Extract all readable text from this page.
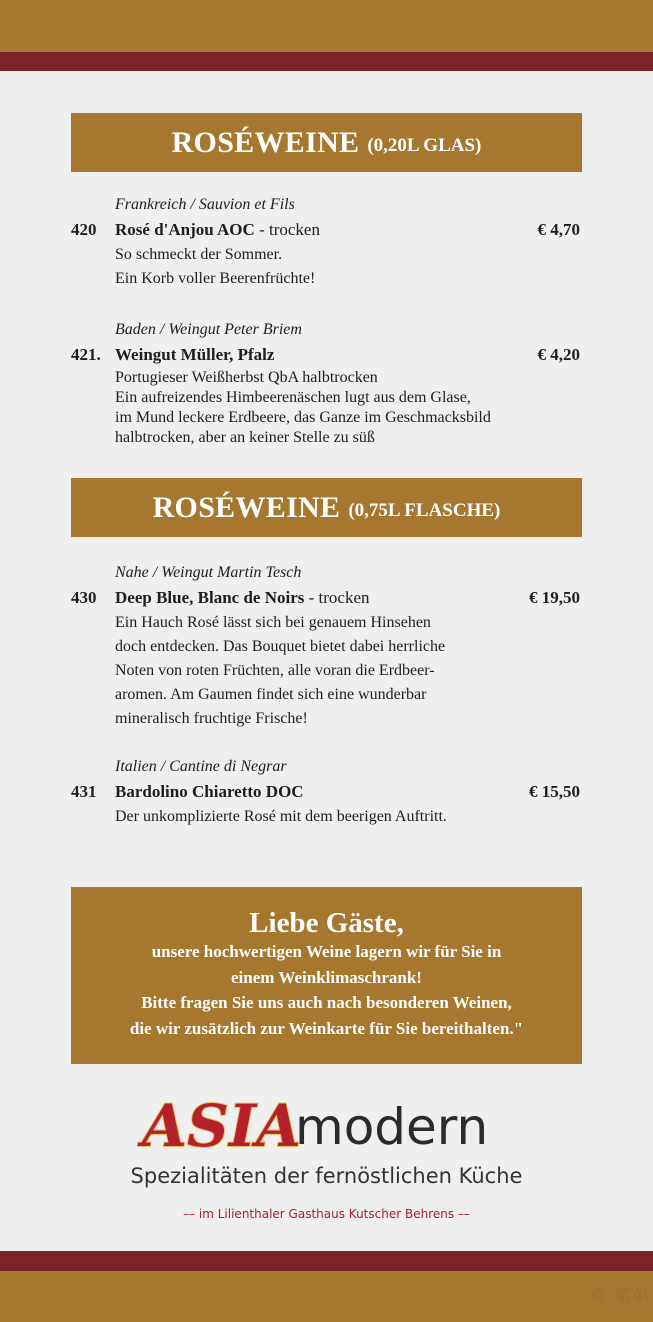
ROSÉWEINE (0,20L GLAS)
Frankreich / Sauvion et Fils
420	Rosé d'Anjou AOC - trocken	€ 4,70

So schmeckt der Sommer.

Ein Korb voller Beerenfrüchte!

Baden / Weingut Peter Briem
421. Weingut Müller, Pfalz	€ 4,20

Portugieser Weißherbst QbA halbtrocken

Ein aufreizendes Himbeerenäschen lugt aus dem Glase,

im Mund leckere Erdbeere, das Ganze im Geschmacksbild

halbtrocken, aber an keiner Stelle zu süß

ROSÉWEINE (0,75L FLASCHE)
Nahe / Weingut Martin Tesch
430	Deep Blue, Blanc de Noirs - trocken	€ 19,50

Ein Hauch Rosé lässt sich bei genauem Hinsehen

doch entdecken. Das Bouquet bietet dabei herrliche

Noten von roten Früchten, alle voran die Erdbeer-

aromen. Am Gaumen findet sich eine wunderbar

mineralisch fruchtige Frische!

Italien / Cantine di Negrar
431	Bardolino Chiaretto DOC	€ 15,50

Der unkomplizierte Rosé mit dem beerigen Auftritt.

Liebe Gäste,
unsere hochwertigen Weine lagern wir für Sie in
einem Weinklimaschrank!
Bitte fragen Sie uns auch nach besonderen Weinen,
die wir zusätzlich zur Weinkarte für Sie bereithalten."
ASIA
modern
Spezialitäten der fernöstlichen Küche
–– im Lilienthaler Gasthaus Kutscher Behrens ––
© 菜单
